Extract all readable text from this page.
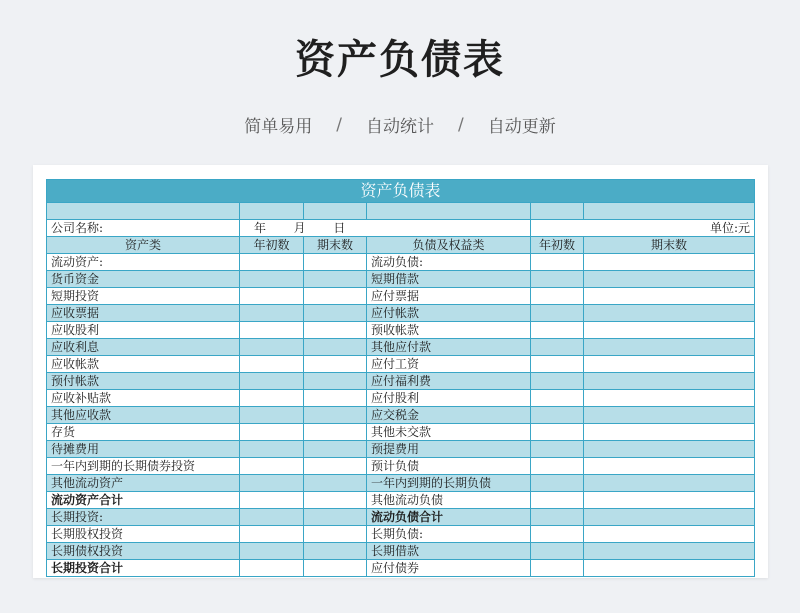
资产负债表
简单易用 / 自动统计 / 自动更新
资产负债表					

公司名称:	年 月 日			单位:元	
资产类	年初数	期末数	负债及权益类	年初数	期末数
流动资产:			流动负债:		
货币资金			短期借款		
短期投资			应付票据		
应收票据			应付帐款		
应收股利			预收帐款		
应收利息			其他应付款		
应收帐款			应付工资		
预付帐款			应付福利费		
应收补贴款			应付股利		
其他应收款			应交税金		
存货			其他未交款		
待摊费用			预提费用		
一年内到期的长期债券投资			预计负债		
其他流动资产			一年内到期的长期负债		
流动资产合计			其他流动负债		
长期投资:			流动负债合计		
长期股权投资			长期负债:		
长期债权投资			长期借款		
长期投资合计			应付债券		
